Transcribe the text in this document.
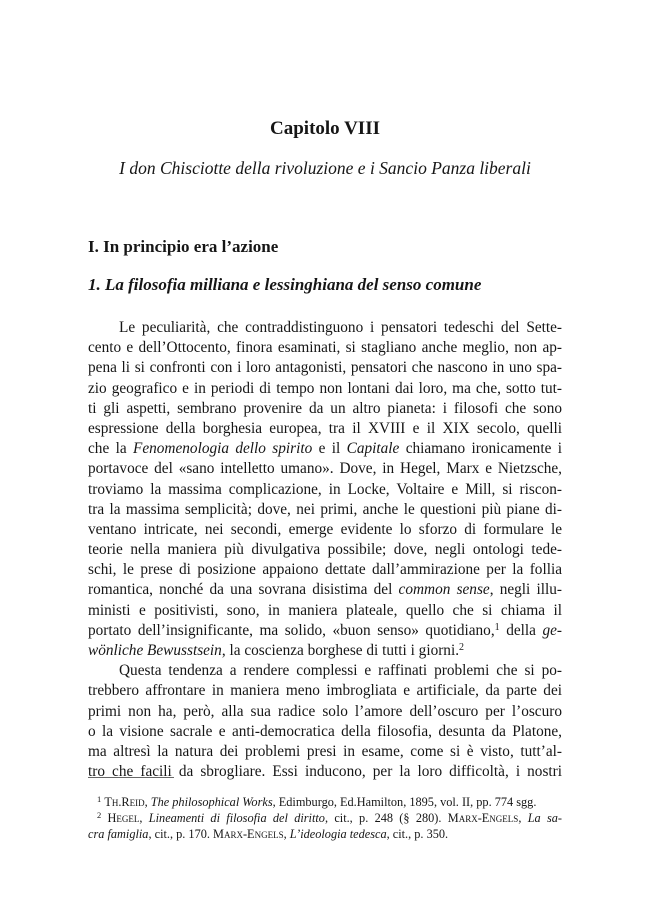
Capitolo VIII
I don Chisciotte della rivoluzione e i Sancio Panza liberali
I. In principio era l’azione
1. La filosofia milliana e lessinghiana del senso comune
Le peculiarità, che contraddistinguono i pensatori tedeschi del Sette-
cento e dell’Ottocento, finora esaminati, si stagliano anche meglio, non ap-
pena li si confronti con i loro antagonisti, pensatori che nascono in uno spa-
zio geografico e in periodi di tempo non lontani dai loro, ma che, sotto tut-
ti gli aspetti, sembrano provenire da un altro pianeta: i filosofi che sono
espressione della borghesia europea, tra il XVIII e il XIX secolo, quelli
che la Fenomenologia dello spirito e il Capitale chiamano ironicamente i
portavoce del «sano intelletto umano». Dove, in Hegel, Marx e Nietzsche,
troviamo la massima complicazione, in Locke, Voltaire e Mill, si riscon-
tra la massima semplicità; dove, nei primi, anche le questioni più piane di-
ventano intricate, nei secondi, emerge evidente lo sforzo di formulare le
teorie nella maniera più divulgativa possibile; dove, negli ontologi tede-
schi, le prese di posizione appaiono dettate dall’ammirazione per la follia
romantica, nonché da una sovrana disistima del common sense, negli illu-
ministi e positivisti, sono, in maniera plateale, quello che si chiama il
portato dell’insignificante, ma solido, «buon senso» quotidiano,$^1$ della ge-
wönliche Bewusstsein, la coscienza borghese di tutti i giorni.$^2$
Questa tendenza a rendere complessi e raffinati problemi che si po-
trebbero affrontare in maniera meno imbrogliata e artificiale, da parte dei
primi non ha, però, alla sua radice solo l’amore dell’oscuro per l’oscuro
o la visione sacrale e anti-democratica della filosofia, desunta da Platone,
ma altresì la natura dei problemi presi in esame, come si è visto, tutt’al-
tro che facili da sbrogliare. Essi inducono, per la loro difficoltà, i nostri
$^1$ Th.Reid, The philosophical Works, Edimburgo, Ed.Hamilton, 1895, vol. II, pp. 774 sgg.
$^2$ Hegel, Lineamenti di filosofia del diritto, cit., p. 248 (§ 280). Marx-Engels, La sa-
cra famiglia, cit., p. 170. Marx-Engels, L’ideologia tedesca, cit., p. 350.
